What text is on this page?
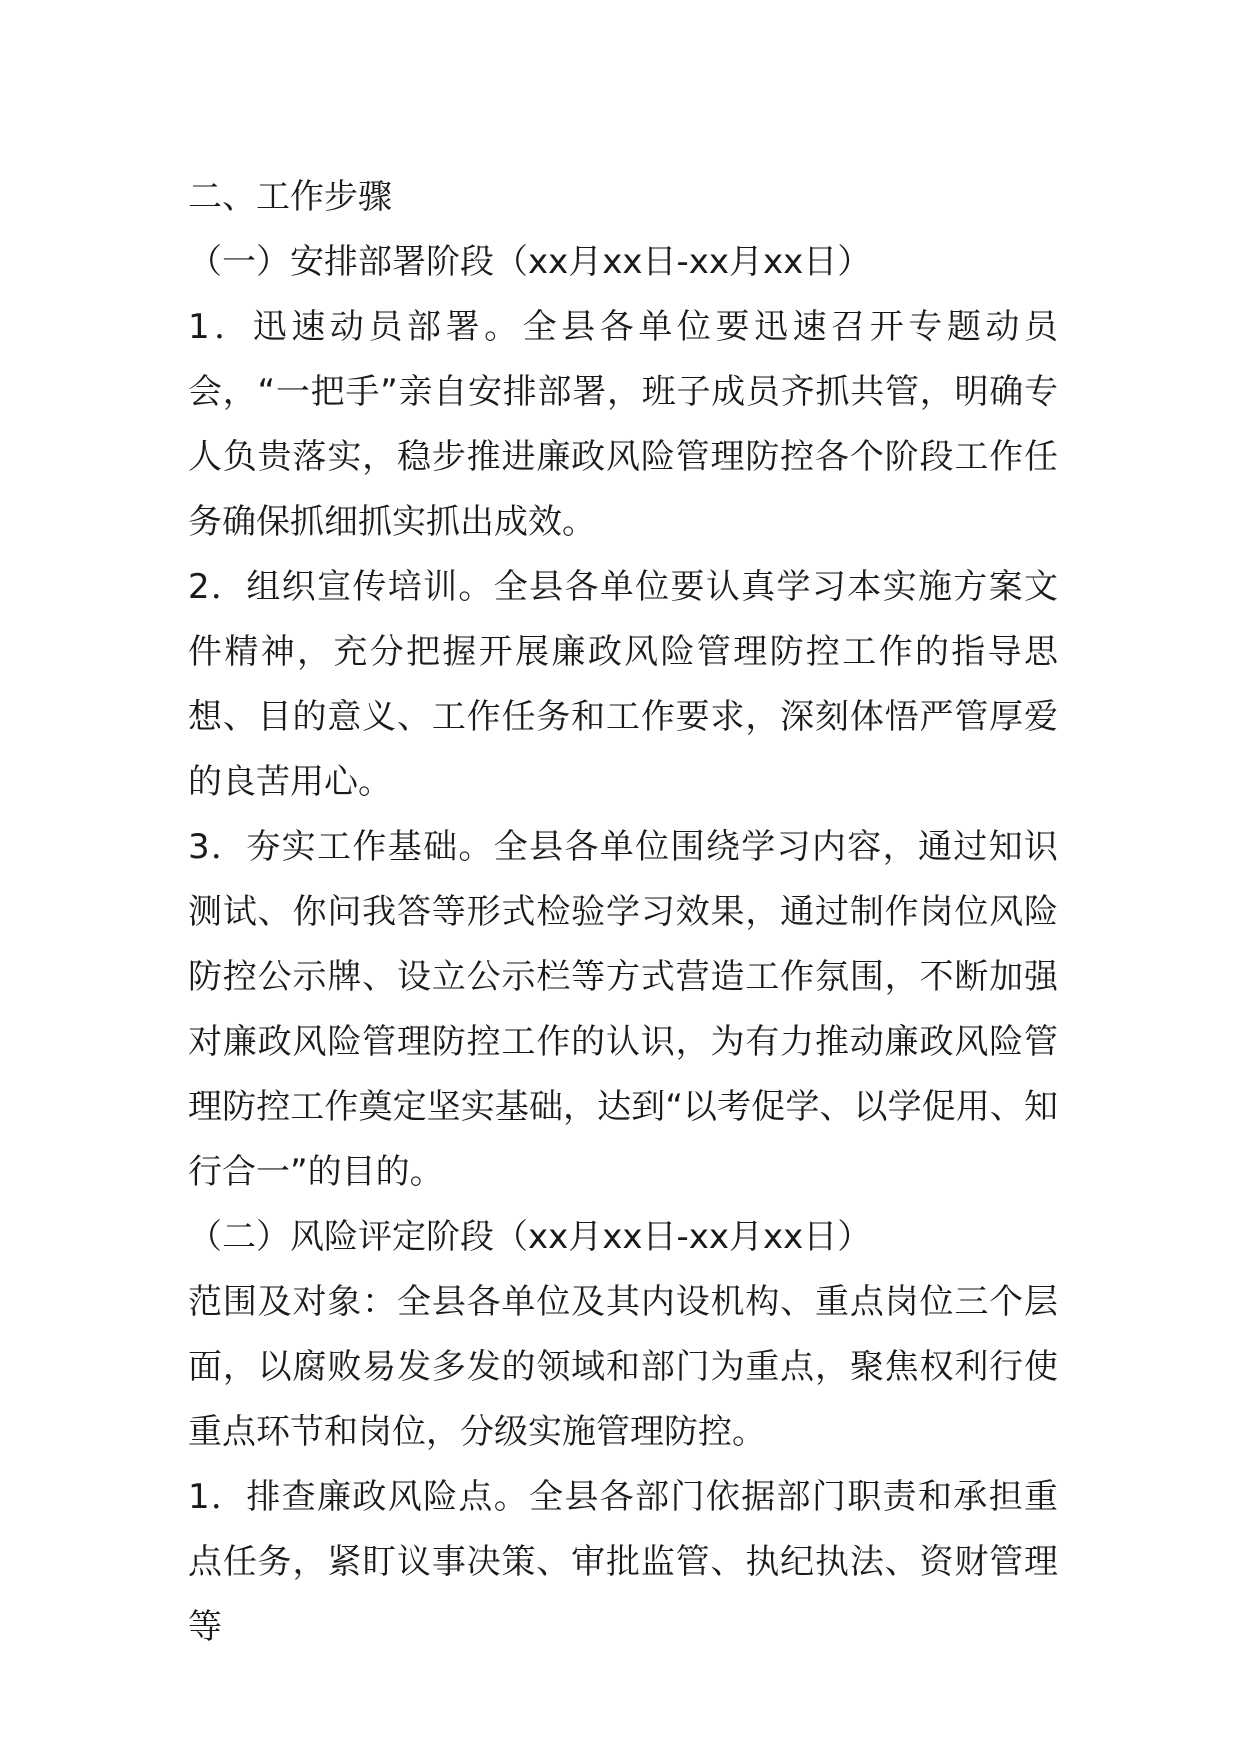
二、工作步骤

（一）安排部署阶段（xx月xx日-xx月xx日）

1．迅速动员部署。全县各单位要迅速召开专题动员会，“一把手”亲自安排部署，班子成员齐抓共管，明确专人负贵落实，稳步推进廉政风险管理防控各个阶段工作任务确保抓细抓实抓出成效。

2．组织宣传培训。全县各单位要认真学习本实施方案文件精神，充分把握开展廉政风险管理防控工作的指导思想、目的意义、工作任务和工作要求，深刻体悟严管厚爱的良苦用心。

3．夯实工作基础。全县各单位围绕学习内容，通过知识测试、你问我答等形式检验学习效果，通过制作岗位风险防控公示牌、设立公示栏等方式营造工作氛围，不断加强对廉政风险管理防控工作的认识，为有力推动廉政风险管理防控工作奠定坚实基础，达到“以考促学、以学促用、知行合一”的目的。

（二）风险评定阶段（xx月xx日-xx月xx日）

范围及对象：全县各单位及其内设机构、重点岗位三个层面，以腐败易发多发的领域和部门为重点，聚焦权利行使重点环节和岗位，分级实施管理防控。

1．排查廉政风险点。全县各部门依据部门职责和承担重点任务，紧盯议事决策、审批监管、执纪执法、资财管理等
